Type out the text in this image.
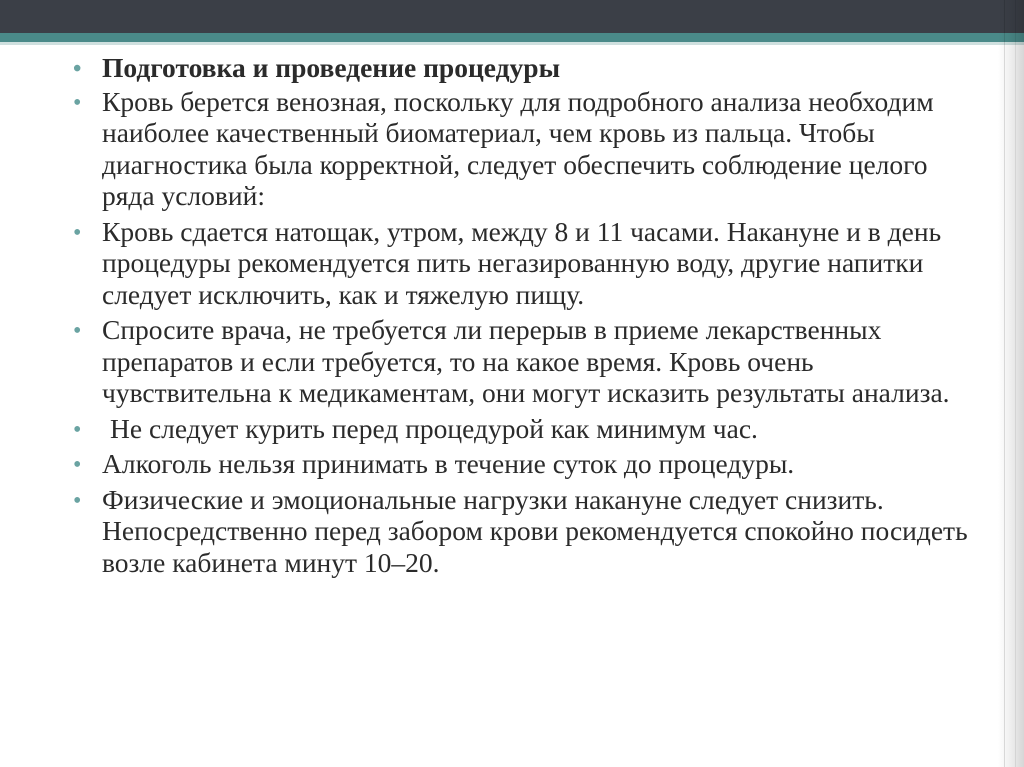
• Подготовка и проведение процедуры
• Кровь берется венозная, поскольку для подробного анализа необходим наиболее качественный биоматериал, чем кровь из пальца. Чтобы диагностика была корректной, следует обеспечить соблюдение целого ряда условий:
• Кровь сдается натощак, утром, между 8 и 11 часами. Накануне и в день процедуры рекомендуется пить негазированную воду, другие напитки следует исключить, как и тяжелую пищу.
• Спросите врача, не требуется ли перерыв в приеме лекарственных препаратов и если требуется, то на какое время. Кровь очень чувствительна к медикаментам, они могут исказить результаты анализа.
• Не следует курить перед процедурой как минимум час.
• Алкоголь нельзя принимать в течение суток до процедуры.
• Физические и эмоциональные нагрузки накануне следует снизить. Непосредственно перед забором крови рекомендуется спокойно посидеть возле кабинета минут 10–20.
